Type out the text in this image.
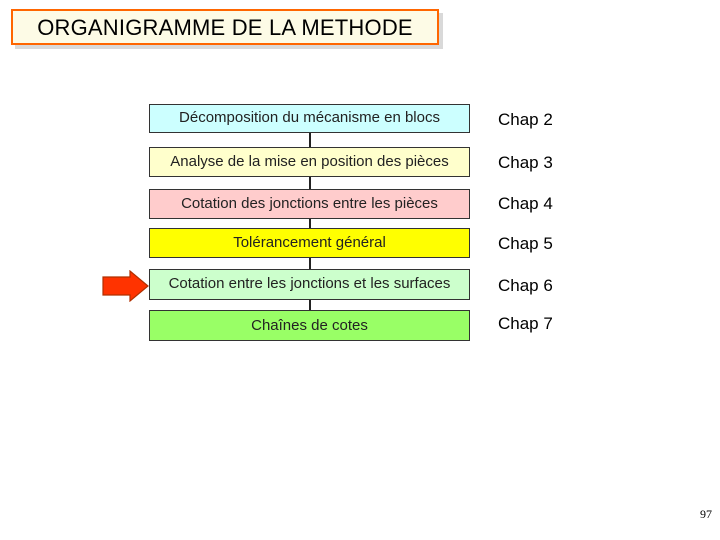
ORGANIGRAMME DE LA METHODE
Décomposition du mécanisme en blocs
Analyse de la mise en position des pièces
Cotation des jonctions entre les pièces
Tolérancement général
Cotation entre les jonctions et les surfaces
Chaînes de cotes
Chap 2
Chap 3
Chap 4
Chap 5
Chap 6
Chap 7
97
